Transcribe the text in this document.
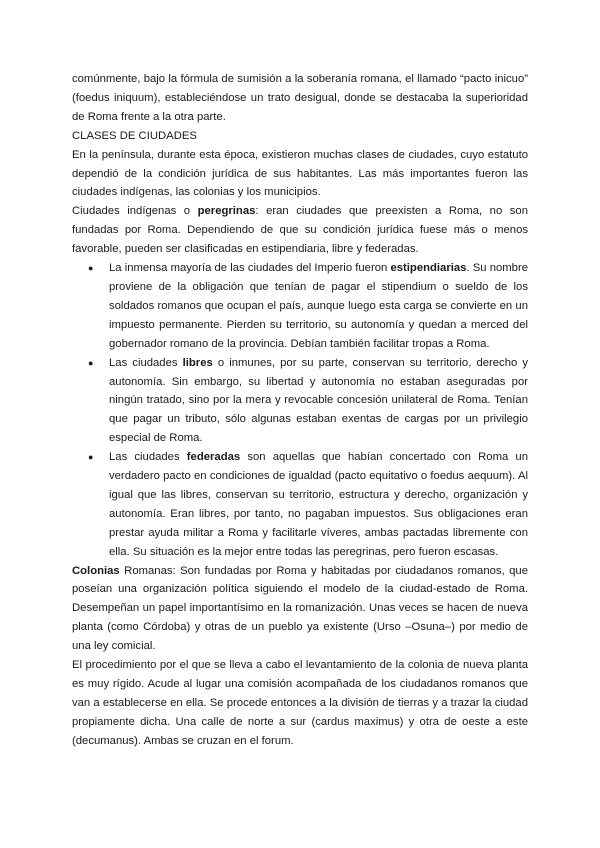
comúnmente, bajo la fórmula de sumisión a la soberanía romana, el llamado “pacto inicuo” (foedus iniquum), estableciéndose un trato desigual, donde se destacaba la superioridad de Roma frente a la otra parte.

CLASES DE CIUDADES

En la península, durante esta época, existieron muchas clases de ciudades, cuyo estatuto dependió de la condición jurídica de sus habitantes. Las más importantes fueron las ciudades indígenas, las colonias y los municipios.

Ciudades indígenas o peregrinas: eran ciudades que preexisten a Roma, no son fundadas por Roma. Dependiendo de que su condición jurídica fuese más o menos favorable, pueden ser clasificadas en estipendiaria, libre y federadas.

● La inmensa mayoría de las ciudades del Imperio fueron estipendiarias. Su nombre proviene de la obligación que tenían de pagar el stipendium o sueldo de los soldados romanos que ocupan el país, aunque luego esta carga se convierte en un impuesto permanente. Pierden su territorio, su autonomía y quedan a merced del gobernador romano de la provincia. Debían también facilitar tropas a Roma.
● Las ciudades libres o inmunes, por su parte, conservan su territorio, derecho y autonomía. Sin embargo, su libertad y autonomía no estaban aseguradas por ningún tratado, sino por la mera y revocable concesión unilateral de Roma. Tenían que pagar un tributo, sólo algunas estaban exentas de cargas por un privilegio especial de Roma.
● Las ciudades federadas son aquellas que habían concertado con Roma un verdadero pacto en condiciones de igualdad (pacto equitativo o foedus aequum). Al igual que las libres, conservan su territorio, estructura y derecho, organización y autonomía. Eran libres, por tanto, no pagaban impuestos. Sus obligaciones eran prestar ayuda militar a Roma y facilitarle víveres, ambas pactadas libremente con ella. Su situación es la mejor entre todas las peregrinas, pero fueron escasas.

Colonias Romanas: Son fundadas por Roma y habitadas por ciudadanos romanos, que poseían una organización política siguiendo el modelo de la ciudad-estado de Roma. Desempeñan un papel importantísimo en la romanización. Unas veces se hacen de nueva planta (como Córdoba) y otras de un pueblo ya existente (Urso –Osuna–) por medio de una ley comicial.

El procedimiento por el que se lleva a cabo el levantamiento de la colonia de nueva planta es muy rígido. Acude al lugar una comisión acompañada de los ciudadanos romanos que van a establecerse en ella. Se procede entonces a la división de tierras y a trazar la ciudad propiamente dicha. Una calle de norte a sur (cardus maximus) y otra de oeste a este (decumanus). Ambas se cruzan en el forum.
